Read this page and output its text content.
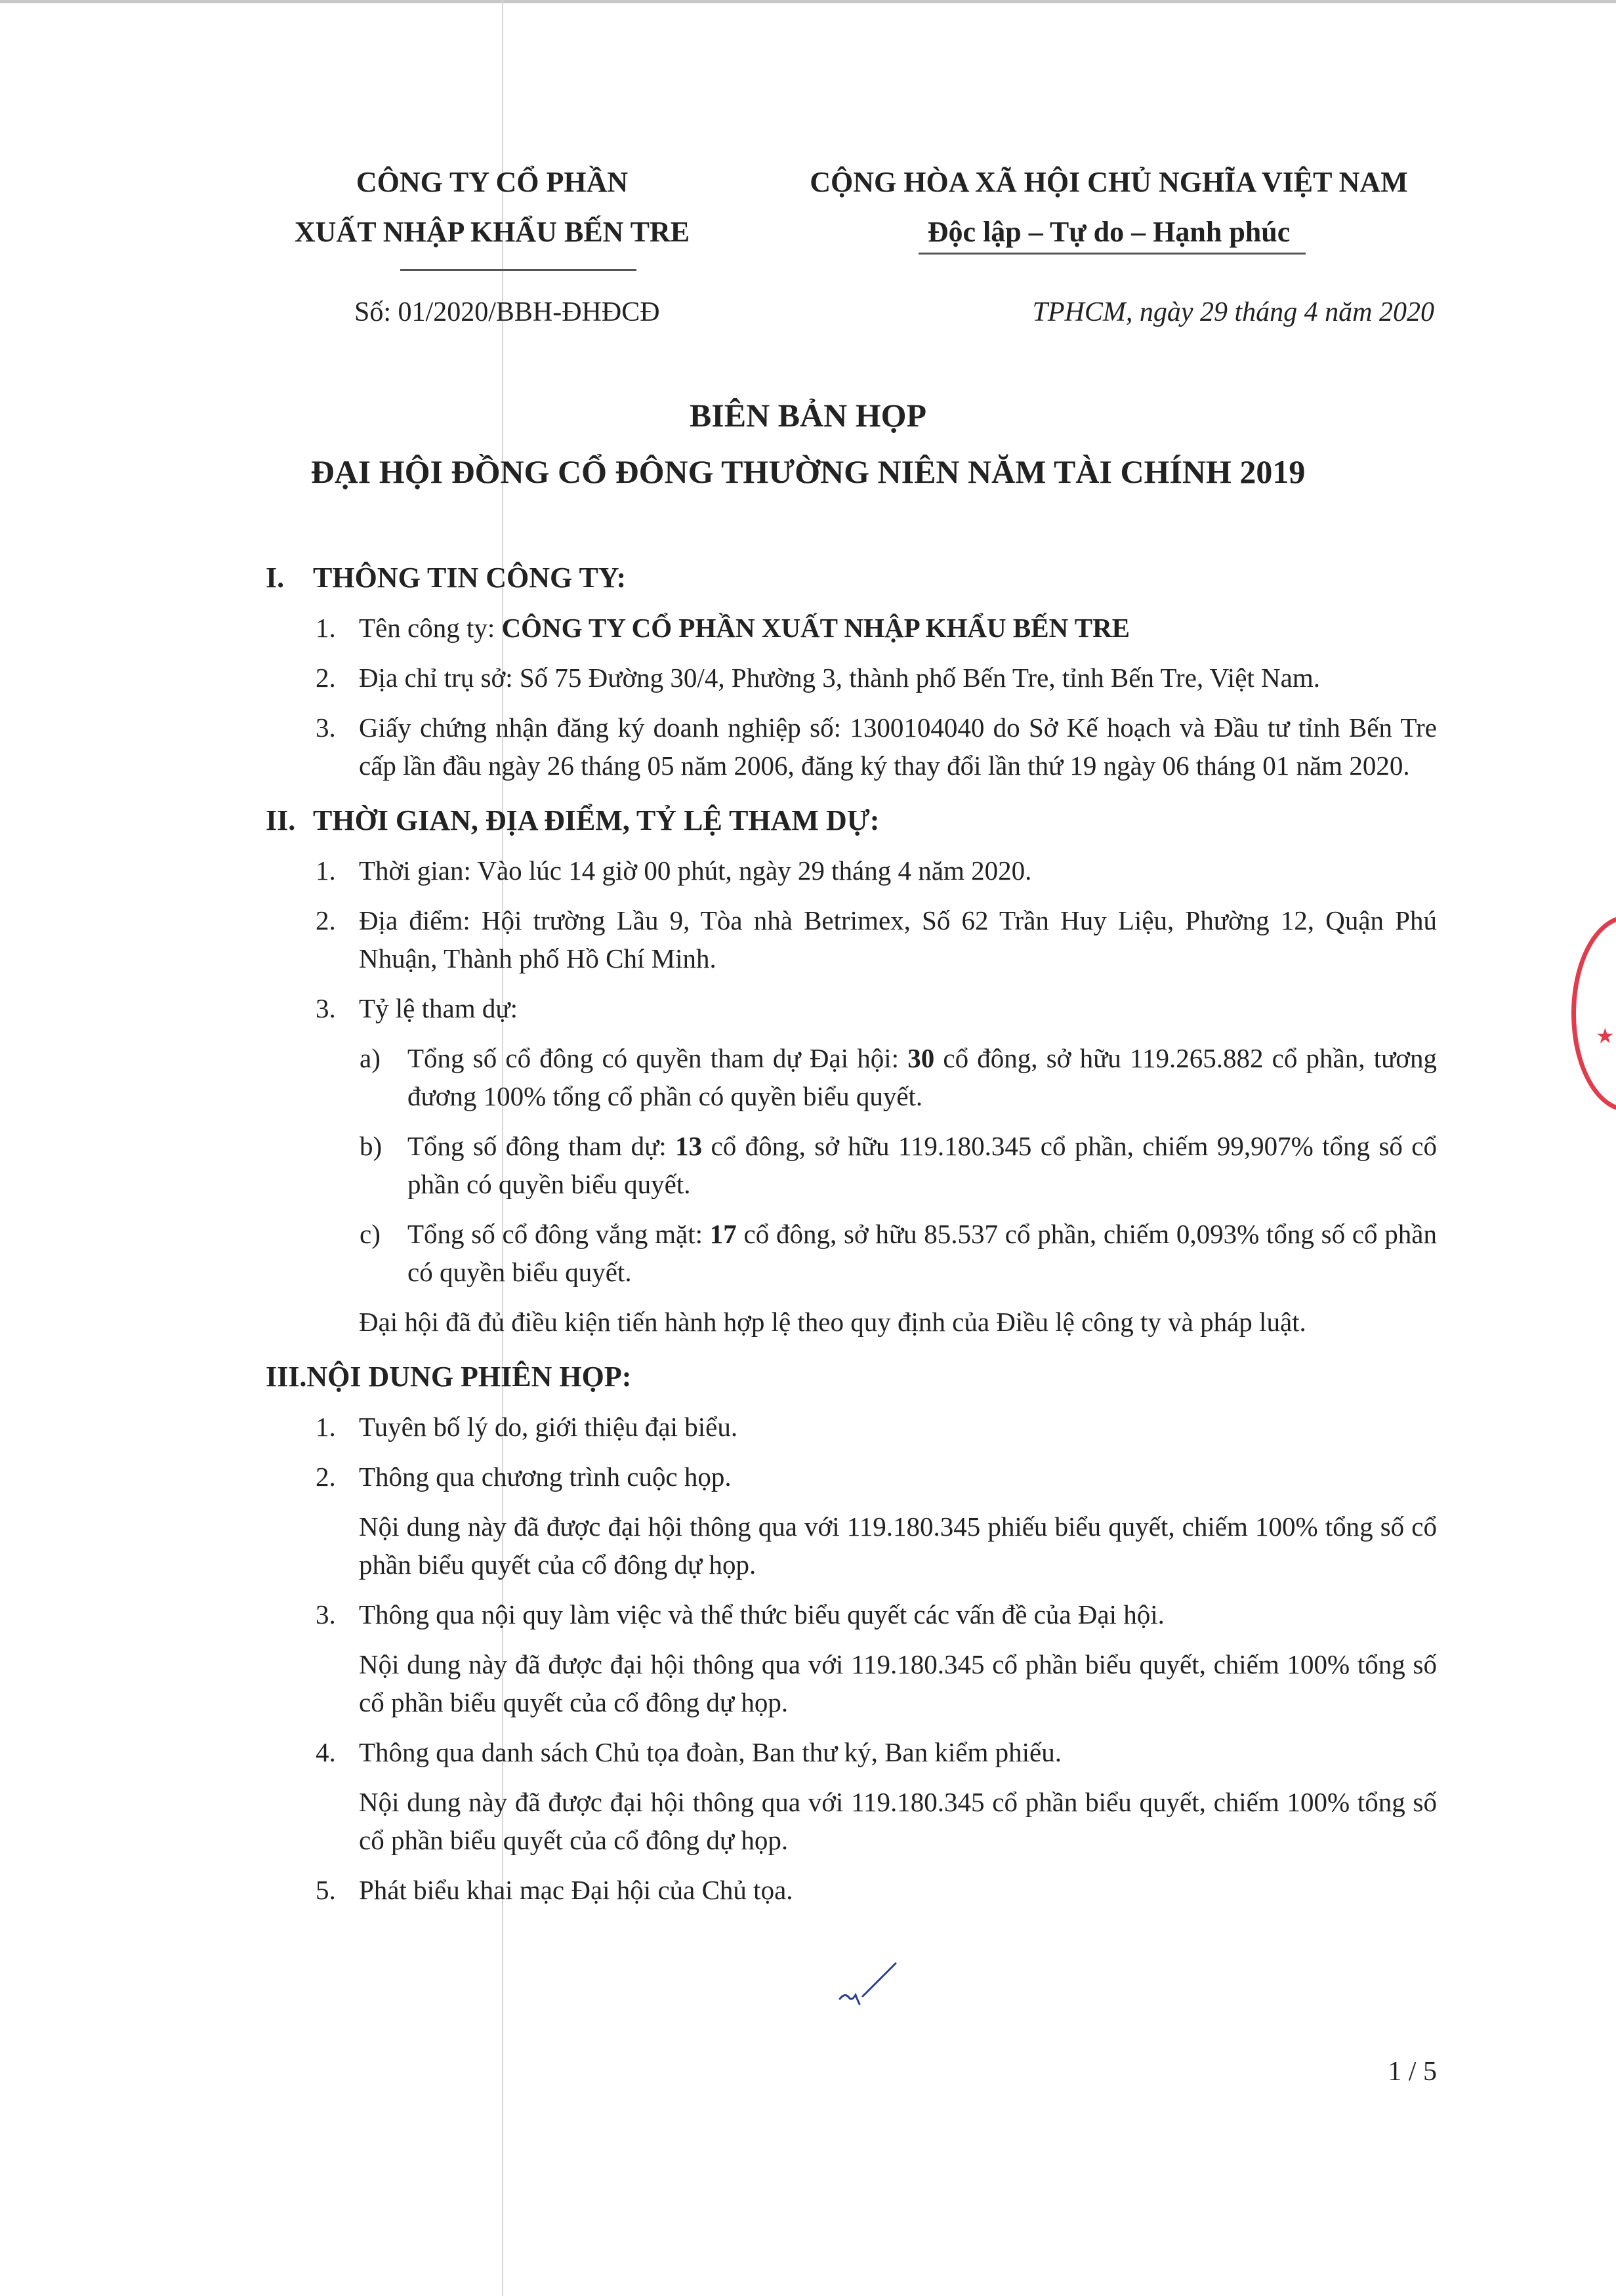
CÔNG TY CỔ PHẦN
XUẤT NHẬP KHẨU BẾN TRE
CỘNG HÒA XÃ HỘI CHỦ NGHĨA VIỆT NAM
Độc lập – Tự do – Hạnh phúc
Số: 01/2020/BBH-ĐHĐCĐ	TPHCM, ngày 29 tháng 4 năm 2020
BIÊN BẢN HỌP
ĐẠI HỘI ĐỒNG CỔ ĐÔNG THƯỜNG NIÊN NĂM TÀI CHÍNH 2019

I. THÔNG TIN CÔNG TY:

1. Tên công ty: CÔNG TY CỔ PHẦN XUẤT NHẬP KHẨU BẾN TRE

2. Địa chỉ trụ sở: Số 75 Đường 30/4, Phường 3, thành phố Bến Tre, tỉnh Bến Tre, Việt Nam.

3. Giấy chứng nhận đăng ký doanh nghiệp số: 1300104040 do Sở Kế hoạch và Đầu tư tỉnh Bến Tre cấp lần đầu ngày 26 tháng 05 năm 2006, đăng ký thay đổi lần thứ 19 ngày 06 tháng 01 năm 2020.

II. THỜI GIAN, ĐỊA ĐIỂM, TỶ LỆ THAM DỰ:

1. Thời gian: Vào lúc 14 giờ 00 phút, ngày 29 tháng 4 năm 2020.

2. Địa điểm: Hội trường Lầu 9, Tòa nhà Betrimex, Số 62 Trần Huy Liệu, Phường 12, Quận Phú Nhuận, Thành phố Hồ Chí Minh.

3. Tỷ lệ tham dự:

a) Tổng số cổ đông có quyền tham dự Đại hội: 30 cổ đông, sở hữu 119.265.882 cổ phần, tương đương 100% tổng cổ phần có quyền biểu quyết.

b) Tổng số đông tham dự: 13 cổ đông, sở hữu 119.180.345 cổ phần, chiếm 99,907% tổng số cổ phần có quyền biểu quyết.

c) Tổng số cổ đông vắng mặt: 17 cổ đông, sở hữu 85.537 cổ phần, chiếm 0,093% tổng số cổ phần có quyền biểu quyết.

Đại hội đã đủ điều kiện tiến hành hợp lệ theo quy định của Điều lệ công ty và pháp luật.

III.NỘI DUNG PHIÊN HỌP:

1. Tuyên bố lý do, giới thiệu đại biểu.

2. Thông qua chương trình cuộc họp.

Nội dung này đã được đại hội thông qua với 119.180.345 phiếu biểu quyết, chiếm 100% tổng số cổ phần biểu quyết của cổ đông dự họp.

3. Thông qua nội quy làm việc và thể thức biểu quyết các vấn đề của Đại hội.

Nội dung này đã được đại hội thông qua với 119.180.345 cổ phần biểu quyết, chiếm 100% tổng số cổ phần biểu quyết của cổ đông dự họp.

4. Thông qua danh sách Chủ tọa đoàn, Ban thư ký, Ban kiểm phiếu.

Nội dung này đã được đại hội thông qua với 119.180.345 cổ phần biểu quyết, chiếm 100% tổng số cổ phần biểu quyết của cổ đông dự họp.

5. Phát biểu khai mạc Đại hội của Chủ tọa.

★
1 / 5
